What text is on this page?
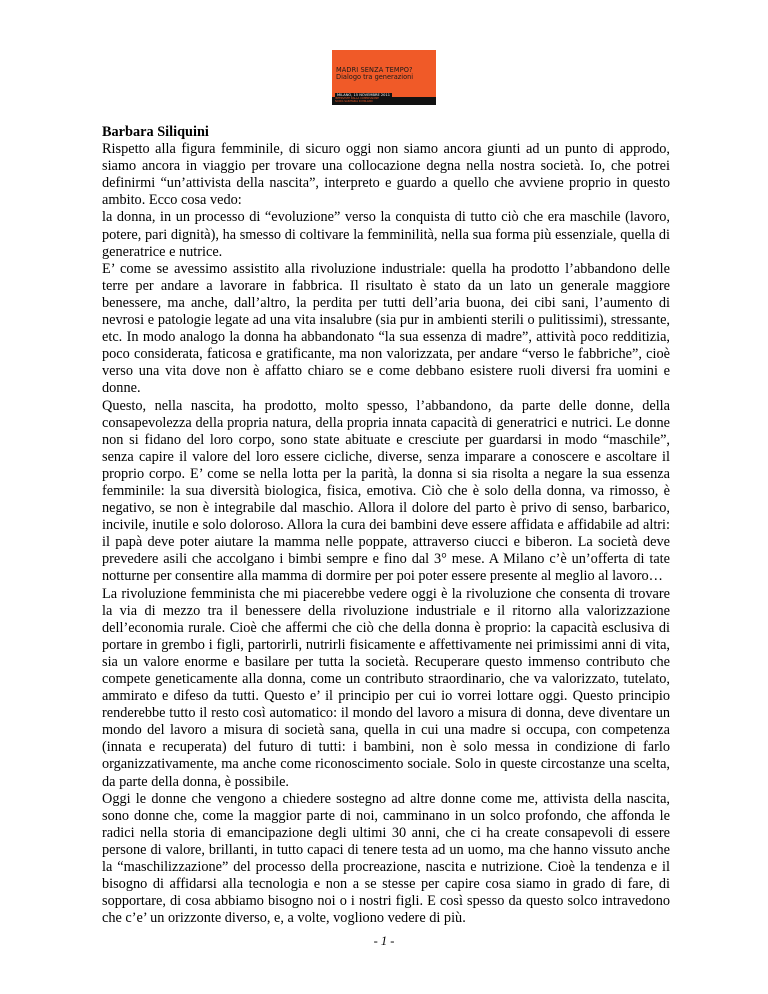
MADRI SENZA TEMPO?
Dialogo tra generazioni
MILANO, 15 NOVEMBRE 2011
INTERVISTE DALLA COMMISSIONE
SOCIO-SANITARIA DI MILANO

Barbara Siliquini

Rispetto alla figura femminile, di sicuro oggi non siamo ancora giunti ad un punto di approdo, siamo ancora in viaggio per trovare una collocazione degna nella nostra società. Io, che potrei definirmi “un’attivista della nascita”, interpreto e guardo a quello che avviene proprio in questo ambito. Ecco cosa vedo:

la donna, in un processo di “evoluzione” verso la conquista di tutto ciò che era maschile (lavoro, potere, pari dignità), ha smesso di coltivare la femminilità, nella sua forma più essenziale, quella di generatrice e nutrice.

E’ come se avessimo assistito alla rivoluzione industriale: quella ha prodotto l’abbandono delle terre per andare a lavorare in fabbrica. Il risultato è stato da un lato un generale maggiore benessere, ma anche, dall’altro, la perdita per tutti dell’aria buona, dei cibi sani, l’aumento di nevrosi e patologie legate ad una vita insalubre (sia pur in ambienti sterili o pulitissimi), stressante, etc. In modo analogo la donna ha abbandonato “la sua essenza di madre”, attività poco redditizia, poco considerata, faticosa e gratificante, ma non valorizzata, per andare “verso le fabbriche”, cioè verso una vita dove non è affatto chiaro se e come debbano esistere ruoli diversi fra uomini e donne.

Questo, nella nascita, ha prodotto, molto spesso, l’abbandono, da parte delle donne, della consapevolezza della propria natura, della propria innata capacità di generatrici e nutrici. Le donne non si fidano del loro corpo, sono state abituate e cresciute per guardarsi in modo “maschile”, senza capire il valore del loro essere cicliche, diverse, senza imparare a conoscere e ascoltare il proprio corpo. E’ come se nella lotta per la parità, la donna si sia risolta a negare la sua essenza femminile: la sua diversità biologica, fisica, emotiva. Ciò che è solo della donna, va rimosso, è negativo, se non è integrabile dal maschio. Allora il dolore del parto è privo di senso, barbarico, incivile, inutile e solo doloroso. Allora la cura dei bambini deve essere affidata e affidabile ad altri: il papà deve poter aiutare la mamma nelle poppate, attraverso ciucci e biberon. La società deve prevedere asili che accolgano i bimbi sempre e fino dal 3° mese. A Milano c’è un’offerta di tate notturne per consentire alla mamma di dormire per poi poter essere presente al meglio al lavoro…

La rivoluzione femminista che mi piacerebbe vedere oggi è la rivoluzione che consenta di trovare la via di mezzo tra il benessere della rivoluzione industriale e il ritorno alla valorizzazione dell’economia rurale. Cioè che affermi che ciò che della donna è proprio: la capacità esclusiva di portare in grembo i figli, partorirli, nutrirli fisicamente e affettivamente nei primissimi anni di vita, sia un valore enorme e basilare per tutta la società. Recuperare questo immenso contributo che compete geneticamente alla donna, come un contributo straordinario, che va valorizzato, tutelato, ammirato e difeso da tutti. Questo e’ il principio per cui io vorrei lottare oggi. Questo principio renderebbe tutto il resto così automatico: il mondo del lavoro a misura di donna, deve diventare un mondo del lavoro a misura di società sana, quella in cui una madre si occupa, con competenza (innata e recuperata) del futuro di tutti: i bambini, non è solo messa in condizione di farlo organizzativamente, ma anche come riconoscimento sociale. Solo in queste circostanze una scelta, da parte della donna, è possibile.

Oggi le donne che vengono a chiedere sostegno ad altre donne come me, attivista della nascita, sono donne che, come la maggior parte di noi, camminano in un solco profondo, che affonda le radici nella storia di emancipazione degli ultimi 30 anni, che ci ha create consapevoli di essere persone di valore, brillanti, in tutto capaci di tenere testa ad un uomo, ma che hanno vissuto anche la “maschilizzazione” del processo della procreazione, nascita e nutrizione. Cioè la tendenza e il bisogno di affidarsi alla tecnologia e non a se stesse per capire cosa siamo in grado di fare, di sopportare, di cosa abbiamo bisogno noi o i nostri figli. E così spesso da questo solco intravedono che c’e’ un orizzonte diverso, e, a volte, vogliono vedere di più.

- 1 -
